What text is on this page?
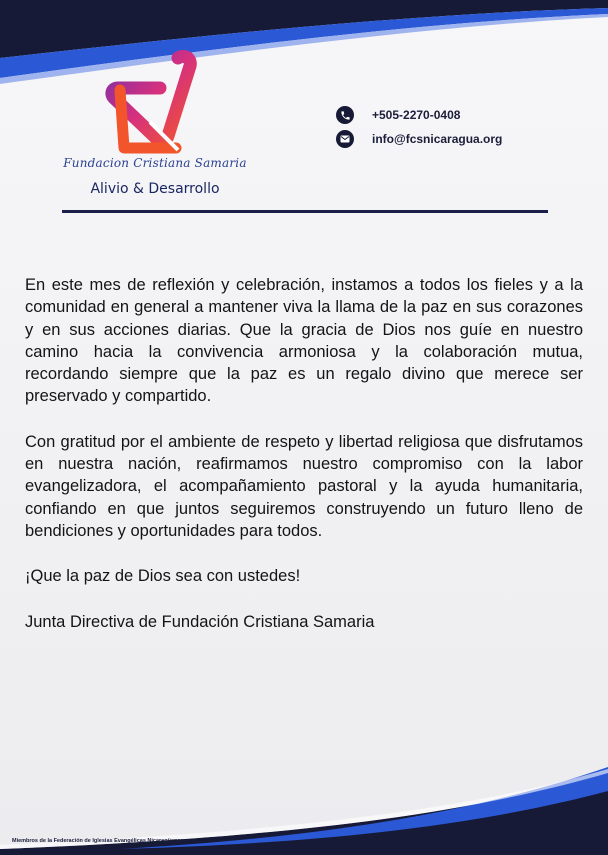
Fundacion Cristiana Samaria
Alivio & Desarrollo
+505-2270-0408
info@fcsnicaragua.org

En este mes de reflexión y celebración, instamos a todos los fieles y a la comunidad en general a mantener viva la llama de la paz en sus corazones y en sus acciones diarias. Que la gracia de Dios nos guíe en nuestro camino hacia la convivencia armoniosa y la colaboración mutua, recordando siempre que la paz es un regalo divino que merece ser preservado y compartido.

Con gratitud por el ambiente de respeto y libertad religiosa que disfrutamos en nuestra nación, reafirmamos nuestro compromiso con la labor evangelizadora, el acompañamiento pastoral y la ayuda humanitaria, confiando en que juntos seguiremos construyendo un futuro lleno de bendiciones y oportunidades para todos.

¡Que la paz de Dios sea con ustedes!

Junta Directiva de Fundación Cristiana Samaria

Miembros de la Federación de Iglesias Evangélicas Nicaragüenses
